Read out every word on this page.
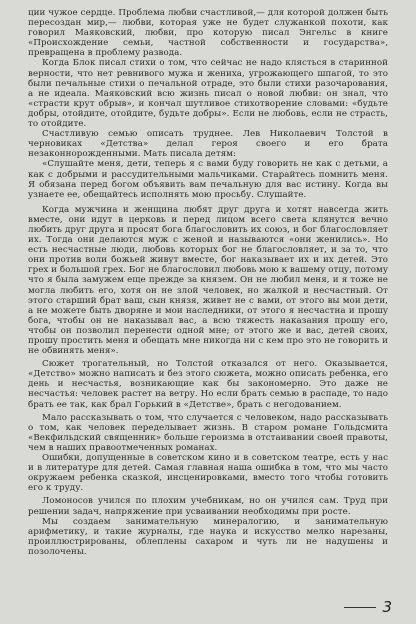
ции чужое сердце. Проблема любви счастливой,— для которой должен быть пересоздан мир,— любви, которая уже не будет служанкой похоти, как говорил Маяковский, любви, про которую писал Энгельс в книге «Происхождение семьи, частной собственности и государства», превращена в проблему развода.

Когда Блок писал стихи о том, что сейчас не надо клясться в старинной верности, что нет ревнивого мужа и жениха, угрожающего шпагой, то это были печальные стихи о печальной отраде, это были стихи разочарования, а не идеала. Маяковский всю жизнь писал о новой любви: он знал, что «страсти крут обрыв», и кончал шутливое стихотворение словами: «будьте добры, отойдите, отойдите, будьте добры». Если не любовь, если не страсть, то отойдите.

Счастливую семью описать труднее. Лев Николаевич Толстой в черновиках «Детства» делал героя своего и его брата незаконнорожденными. Мать писала детям:

«Слушайте меня, дети, теперь я с вами буду говорить не как с детьми, а как с добрыми и рассудительными мальчиками. Старайтесь помнить меня. Я обязана перед богом объявить вам печальную для вас истину. Когда вы узнаете ее, обещайтесь исполнять мою просьбу. Слушайте.

Когда мужчина и женщина любят друг друга и хотят навсегда жить вместе, они идут в церковь и перед лицом всего света клянутся вечно любить друг друга и просят бога благословить их союз, и бог благословляет их. Тогда они делаются муж с женой и называются «они женились». Но есть несчастные люди, любовь которых бог не благословляет, и за то, что они против воли божьей живут вместе, бог наказывает их и их детей. Это грех и большой грех. Бог не благословил любовь мою к вашему отцу, потому что я была замужем еще прежде за князем. Он не любил меня, и я тоже не могла любить его, хотя он не злой человек, но жалкой и несчастный. От этого старший брат ваш, сын князя, живет не с вами, от этого вы мои дети, а не можете быть дворяне и мои наследники, от этого я несчастна и прошу бога, чтобы он не наказывал вас, а всю тяжесть наказания прошу его, чтобы он позволил перенести одной мне; от этого же и вас, детей своих, прошу простить меня и обещать мне никогда ни с кем про это не говорить и не обвинять меня».

Сюжет трогательный, но Толстой отказался от него. Оказывается, «Детство» можно написать и без этого сюжета, можно описать ребенка, его день и несчастья, возникающие как бы закономерно. Это даже не несчастья: человек растет на ветру. Но если брать семью в распаде, то надо брать ее так, как брал Горький в «Детстве», брать с негодованием.

Мало рассказывать о том, что случается с человеком, надо рассказывать о том, как человек переделывает жизнь. В старом романе Гольдсмита «Векфильдский священник» больше героизма в отстаивании своей правоты, чем в наших правоотмеченных романах.

Ошибки, допущенные в советском кино и в советском театре, есть у нас и в литературе для детей. Самая главная наша ошибка в том, что мы часто окружаем ребенка сказкой, инсценировками, вместо того чтобы готовить его к труду.

Ломоносов учился по плохим учебникам, но он учился сам. Труд при решении задач, напряжение при усваивании необходимы при росте.

Мы создаем занимательную минералогию, и занимательную арифметику, и такие журналы, где наука и искусство мелко нарезаны, проиллюстрированы, облеплены сахаром и чуть ли не надушены и позолочены.

3
